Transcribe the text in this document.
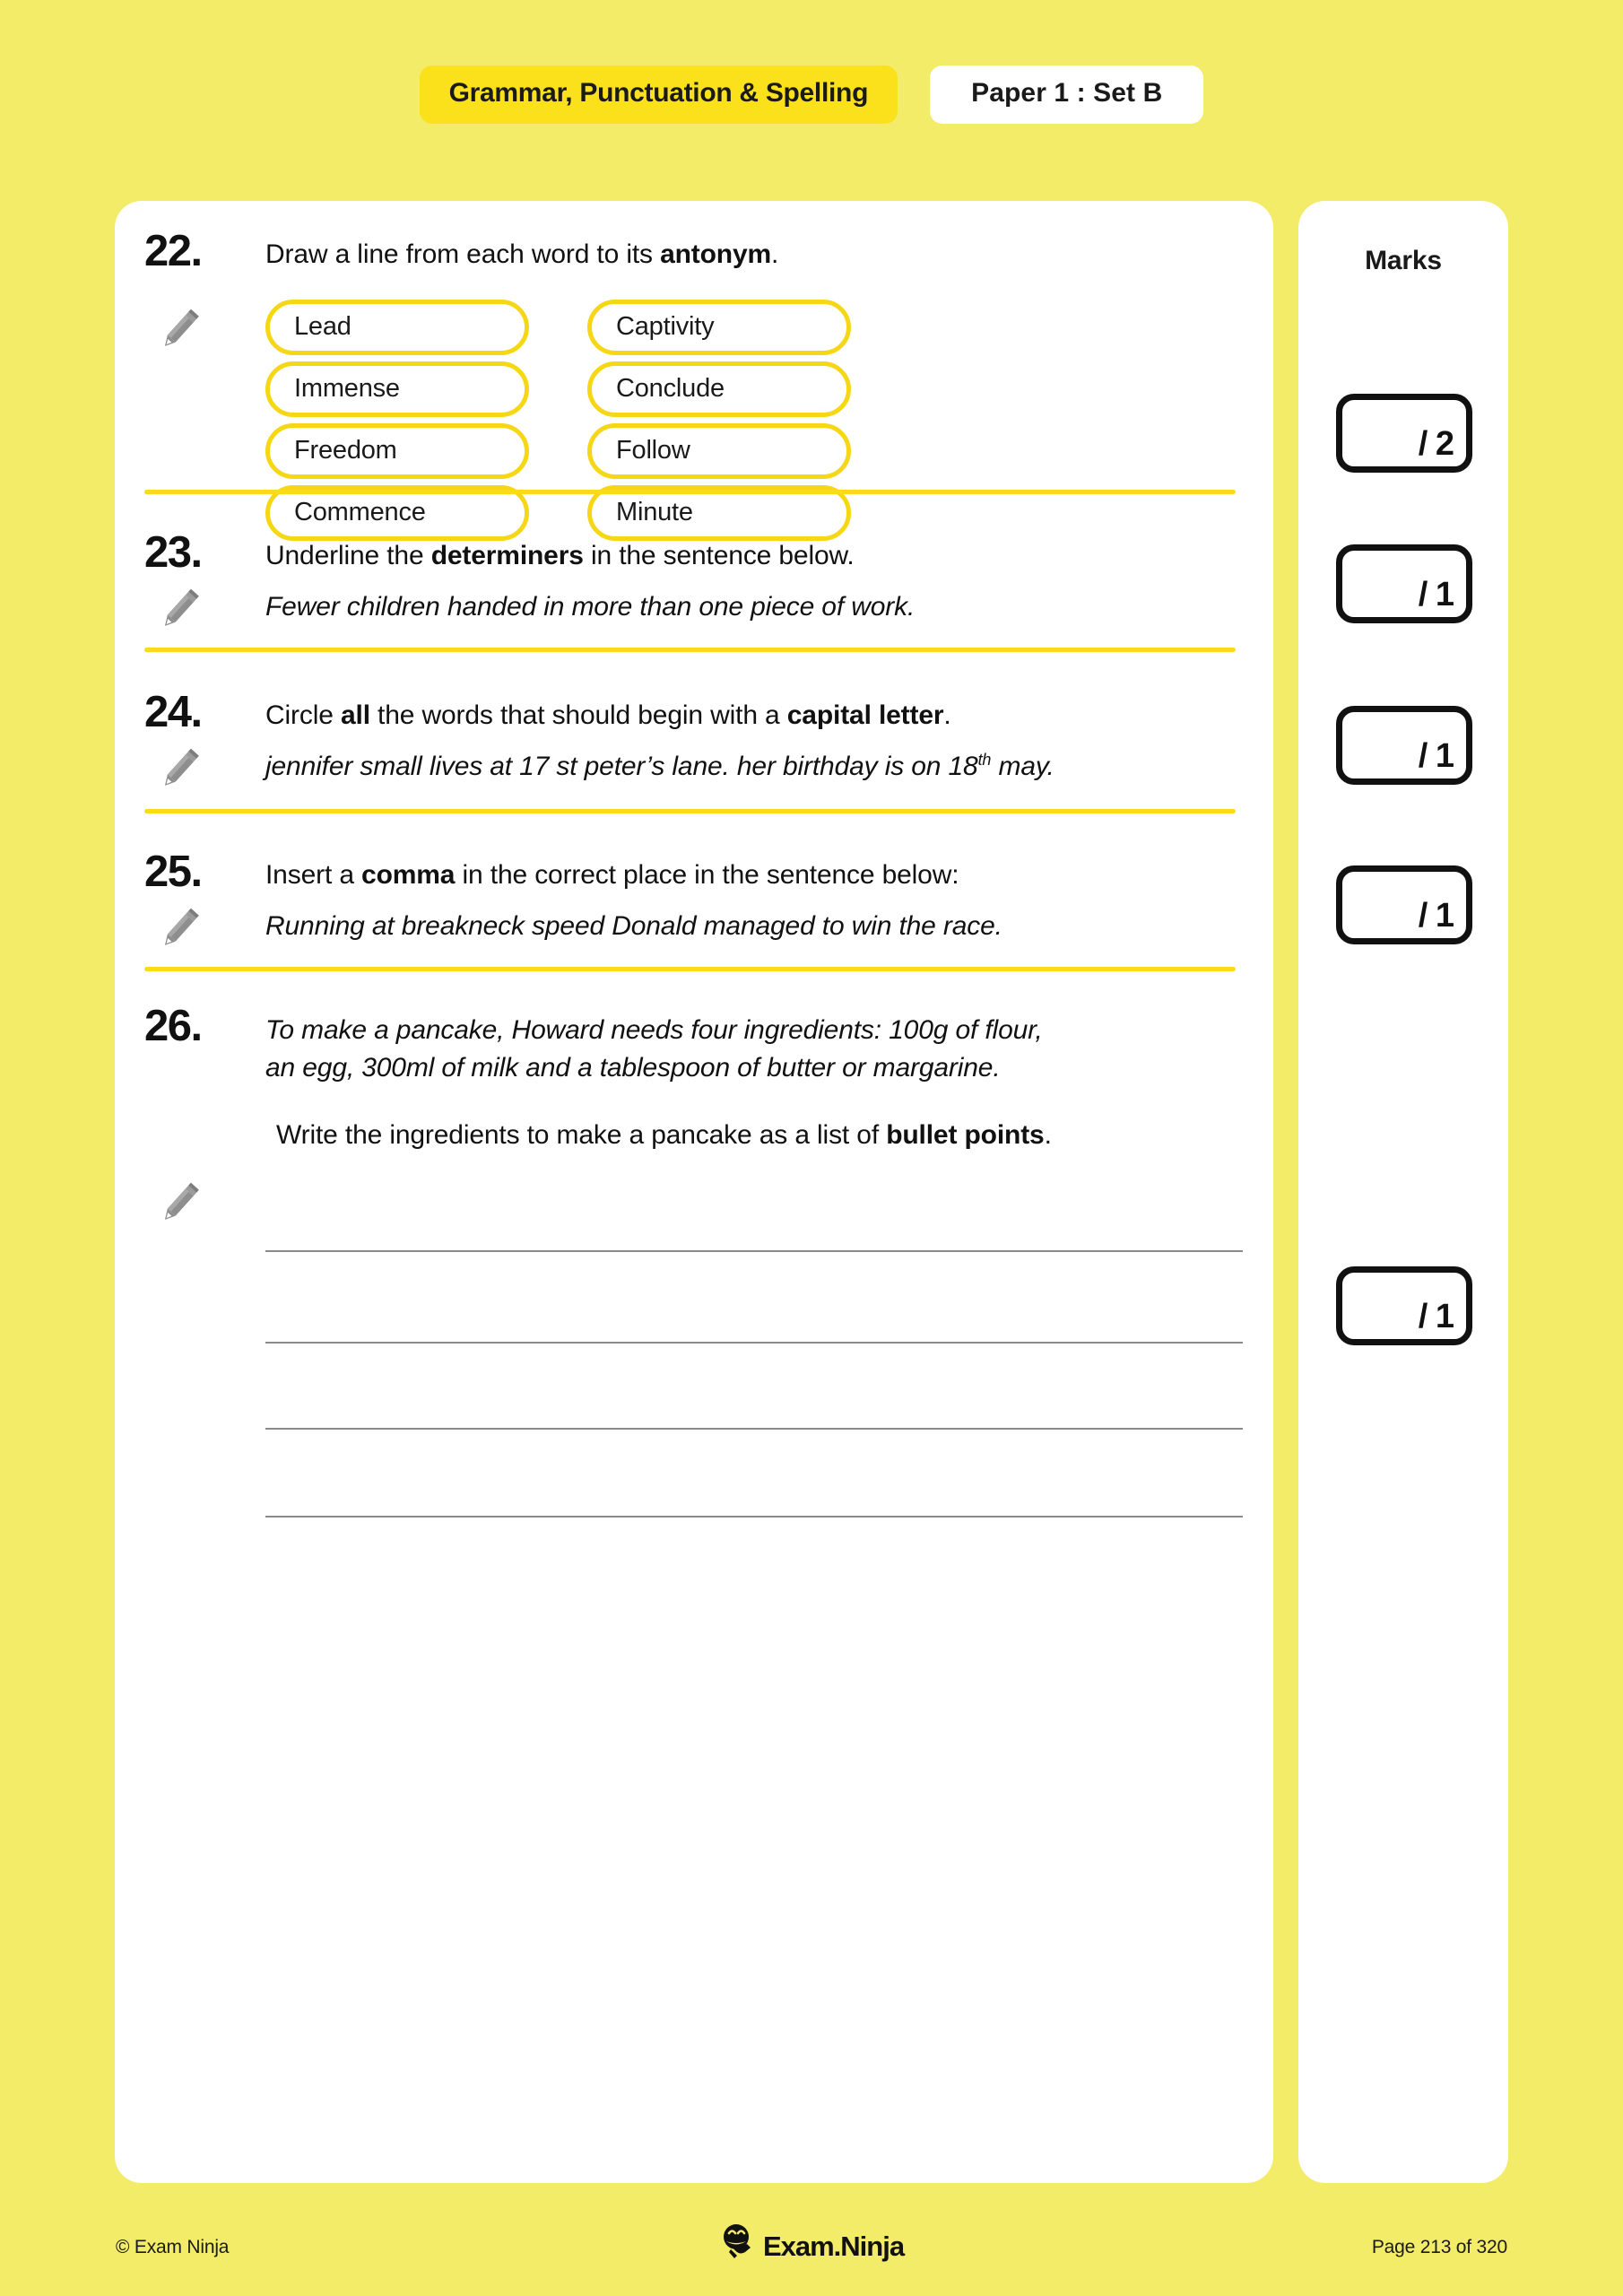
Grammar, Punctuation & Spelling	Paper 1 : Set B
22. Draw a line from each word to its antonym.
Lead
Immense
Freedom
Commence
Captivity
Conclude
Follow
Minute
23. Underline the determiners in the sentence below.
Fewer children handed in more than one piece of work.
24. Circle all the words that should begin with a capital letter.
jennifer small lives at 17 st peter’s lane. her birthday is on 18th may.
25. Insert a comma in the correct place in the sentence below:
Running at breakneck speed Donald managed to win the race.
26. To make a pancake, Howard needs four ingredients: 100g of flour,
an egg, 300ml of milk and a tablespoon of butter or margarine.
Write the ingredients to make a pancake as a list of bullet points.
Marks
/ 2
/ 1
/ 1
/ 1
/ 1
© Exam Ninja	Exam.Ninja	Page 213 of 320
